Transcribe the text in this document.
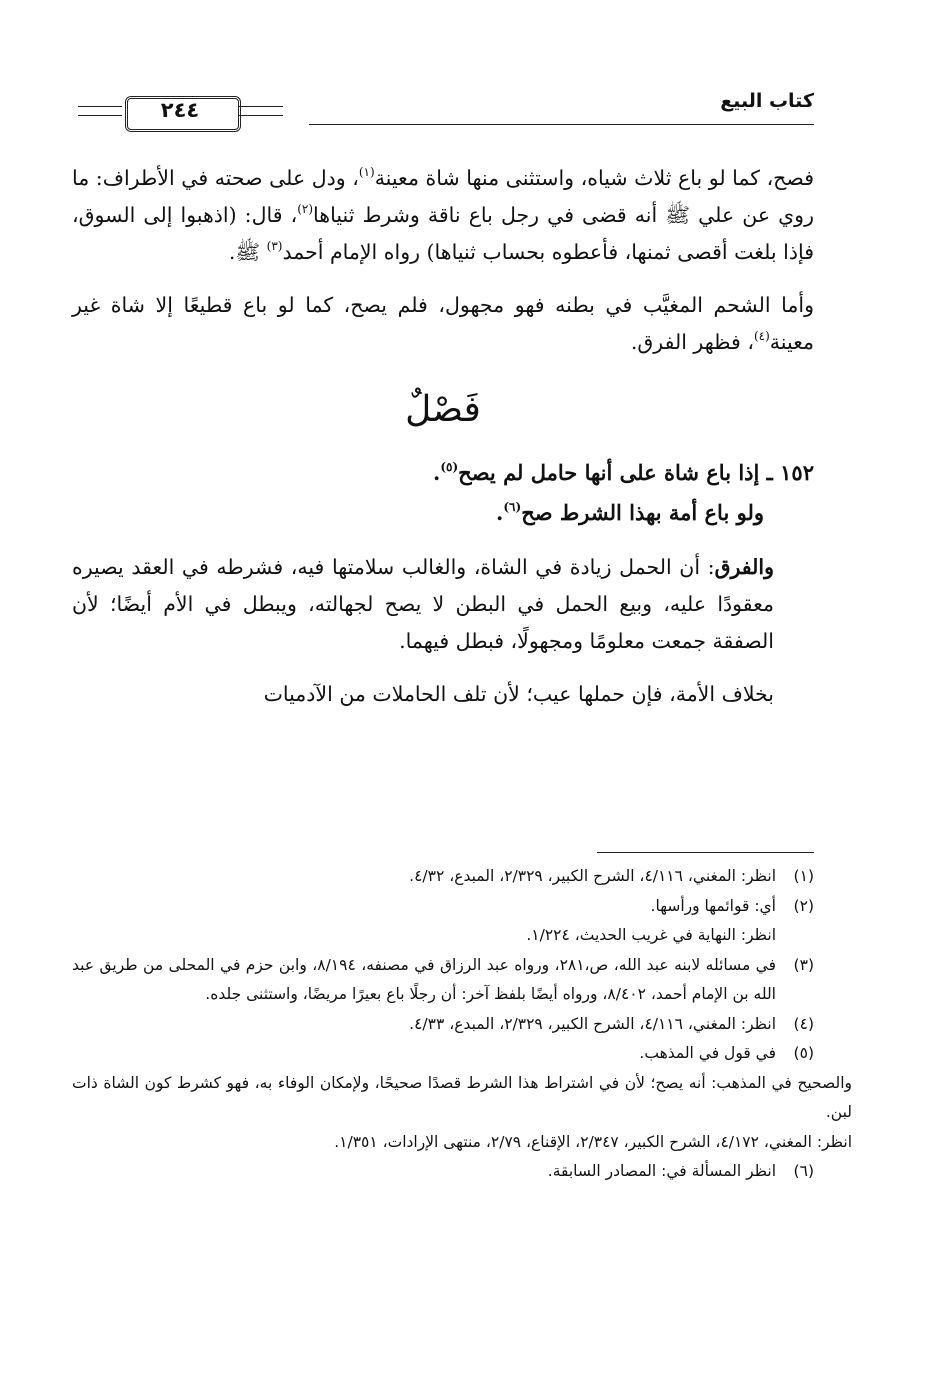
كتاب البيع
٢٤٤

فصح، كما لو باع ثلاث شياه، واستثنى منها شاة معينة$^{(١)}$، ودل على صحته في الأطراف: ما روي عن علي ﷺ أنه قضى في رجل باع ناقة وشرط ثنياها$^{(٢)}$، قال: (اذهبوا إلى السوق، فإذا بلغت أقصى ثمنها، فأعطوه بحساب ثنياها) رواه الإمام أحمد$^{(٣)}$ ﷺ.

وأما الشحم المغيَّب في بطنه فهو مجهول، فلم يصح، كما لو باع قطيعًا إلا شاة غير معينة$^{(٤)}$، فظهر الفرق.

فَصْلٌ

١٥٢ ـ إذا باع شاة على أنها حامل لم يصح$^{(٥)}$.

ولو باع أمة بهذا الشرط صح$^{(٦)}$.

والفرق: أن الحمل زيادة في الشاة، والغالب سلامتها فيه، فشرطه في العقد يصيره معقودًا عليه، وبيع الحمل في البطن لا يصح لجهالته، ويبطل في الأم أيضًا؛ لأن الصفقة جمعت معلومًا ومجهولًا، فبطل فيهما.

بخلاف الأمة، فإن حملها عيب؛ لأن تلف الحاملات من الآدميات

(١)
انظر: المغني، ٤/١١٦، الشرح الكبير، ٢/٣٢٩، المبدع، ٤/٣٢.
(٢)
أي: قوائمها ورأسها.
انظر: النهاية في غريب الحديث، ١/٢٢٤.
(٣)
في مسائله لابنه عبد الله، ص،٢٨١، ورواه عبد الرزاق في مصنفه، ٨/١٩٤، وابن حزم في المحلى من طريق عبد الله بن الإمام أحمد، ٨/٤٠٢، ورواه أيضًا بلفظ آخر: أن رجلًا باع بعيرًا مريضًا، واستثنى جلده.
(٤)
انظر: المغني، ٤/١١٦، الشرح الكبير، ٢/٣٢٩، المبدع، ٤/٣٣.
(٥)
في قول في المذهب.
والصحيح في المذهب: أنه يصح؛ لأن في اشتراط هذا الشرط قصدًا صحيحًا، ولإمكان الوفاء به، فهو كشرط كون الشاة ذات لبن.
انظر: المغني، ٤/١٧٢، الشرح الكبير، ٢/٣٤٧، الإقناع، ٢/٧٩، منتهى الإرادات، ١/٣٥١.
(٦)
انظر المسألة في: المصادر السابقة.
